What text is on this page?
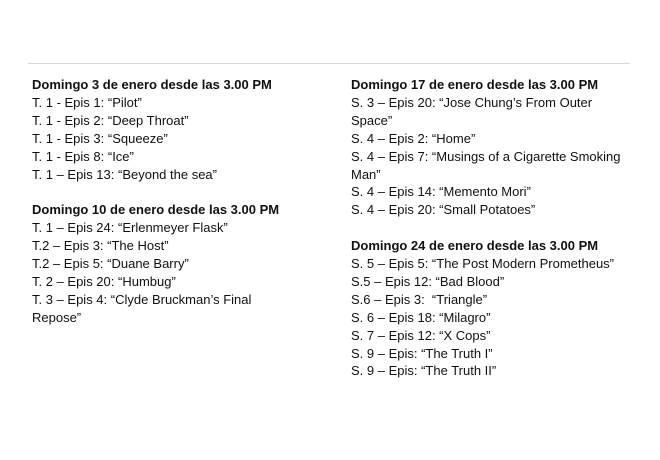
Domingo 3 de enero desde las 3.00 PM
T. 1 - Epis 1: “Pilot”
T. 1 - Epis 2: “Deep Throat”
T. 1 - Epis 3: “Squeeze”
T. 1 - Epis 8: “Ice”
T. 1 – Epis 13: “Beyond the sea”
Domingo 10 de enero desde las 3.00 PM
T. 1 – Epis 24: “Erlenmeyer Flask”
T.2 – Epis 3: “The Host”
T.2 – Epis 5: “Duane Barry”
T. 2 – Epis 20: “Humbug”
T. 3 – Epis 4: “Clyde Bruckman’s Final Repose”
Domingo 17 de enero desde las 3.00 PM
S. 3 – Epis 20: “Jose Chung’s From Outer Space”
S. 4 – Epis 2: “Home”
S. 4 – Epis 7: “Musings of a Cigarette Smoking Man”
S. 4 – Epis 14: “Memento Mori”
S. 4 – Epis 20: “Small Potatoes”
Domingo 24 de enero desde las 3.00 PM
S. 5 – Epis 5: “The Post Modern Prometheus”
S.5 – Epis 12: “Bad Blood”
S.6 – Epis 3:  “Triangle”
S. 6 – Epis 18: “Milagro”
S. 7 – Epis 12: “X Cops”
S. 9 – Epis: “The Truth I”
S. 9 – Epis: “The Truth II”
